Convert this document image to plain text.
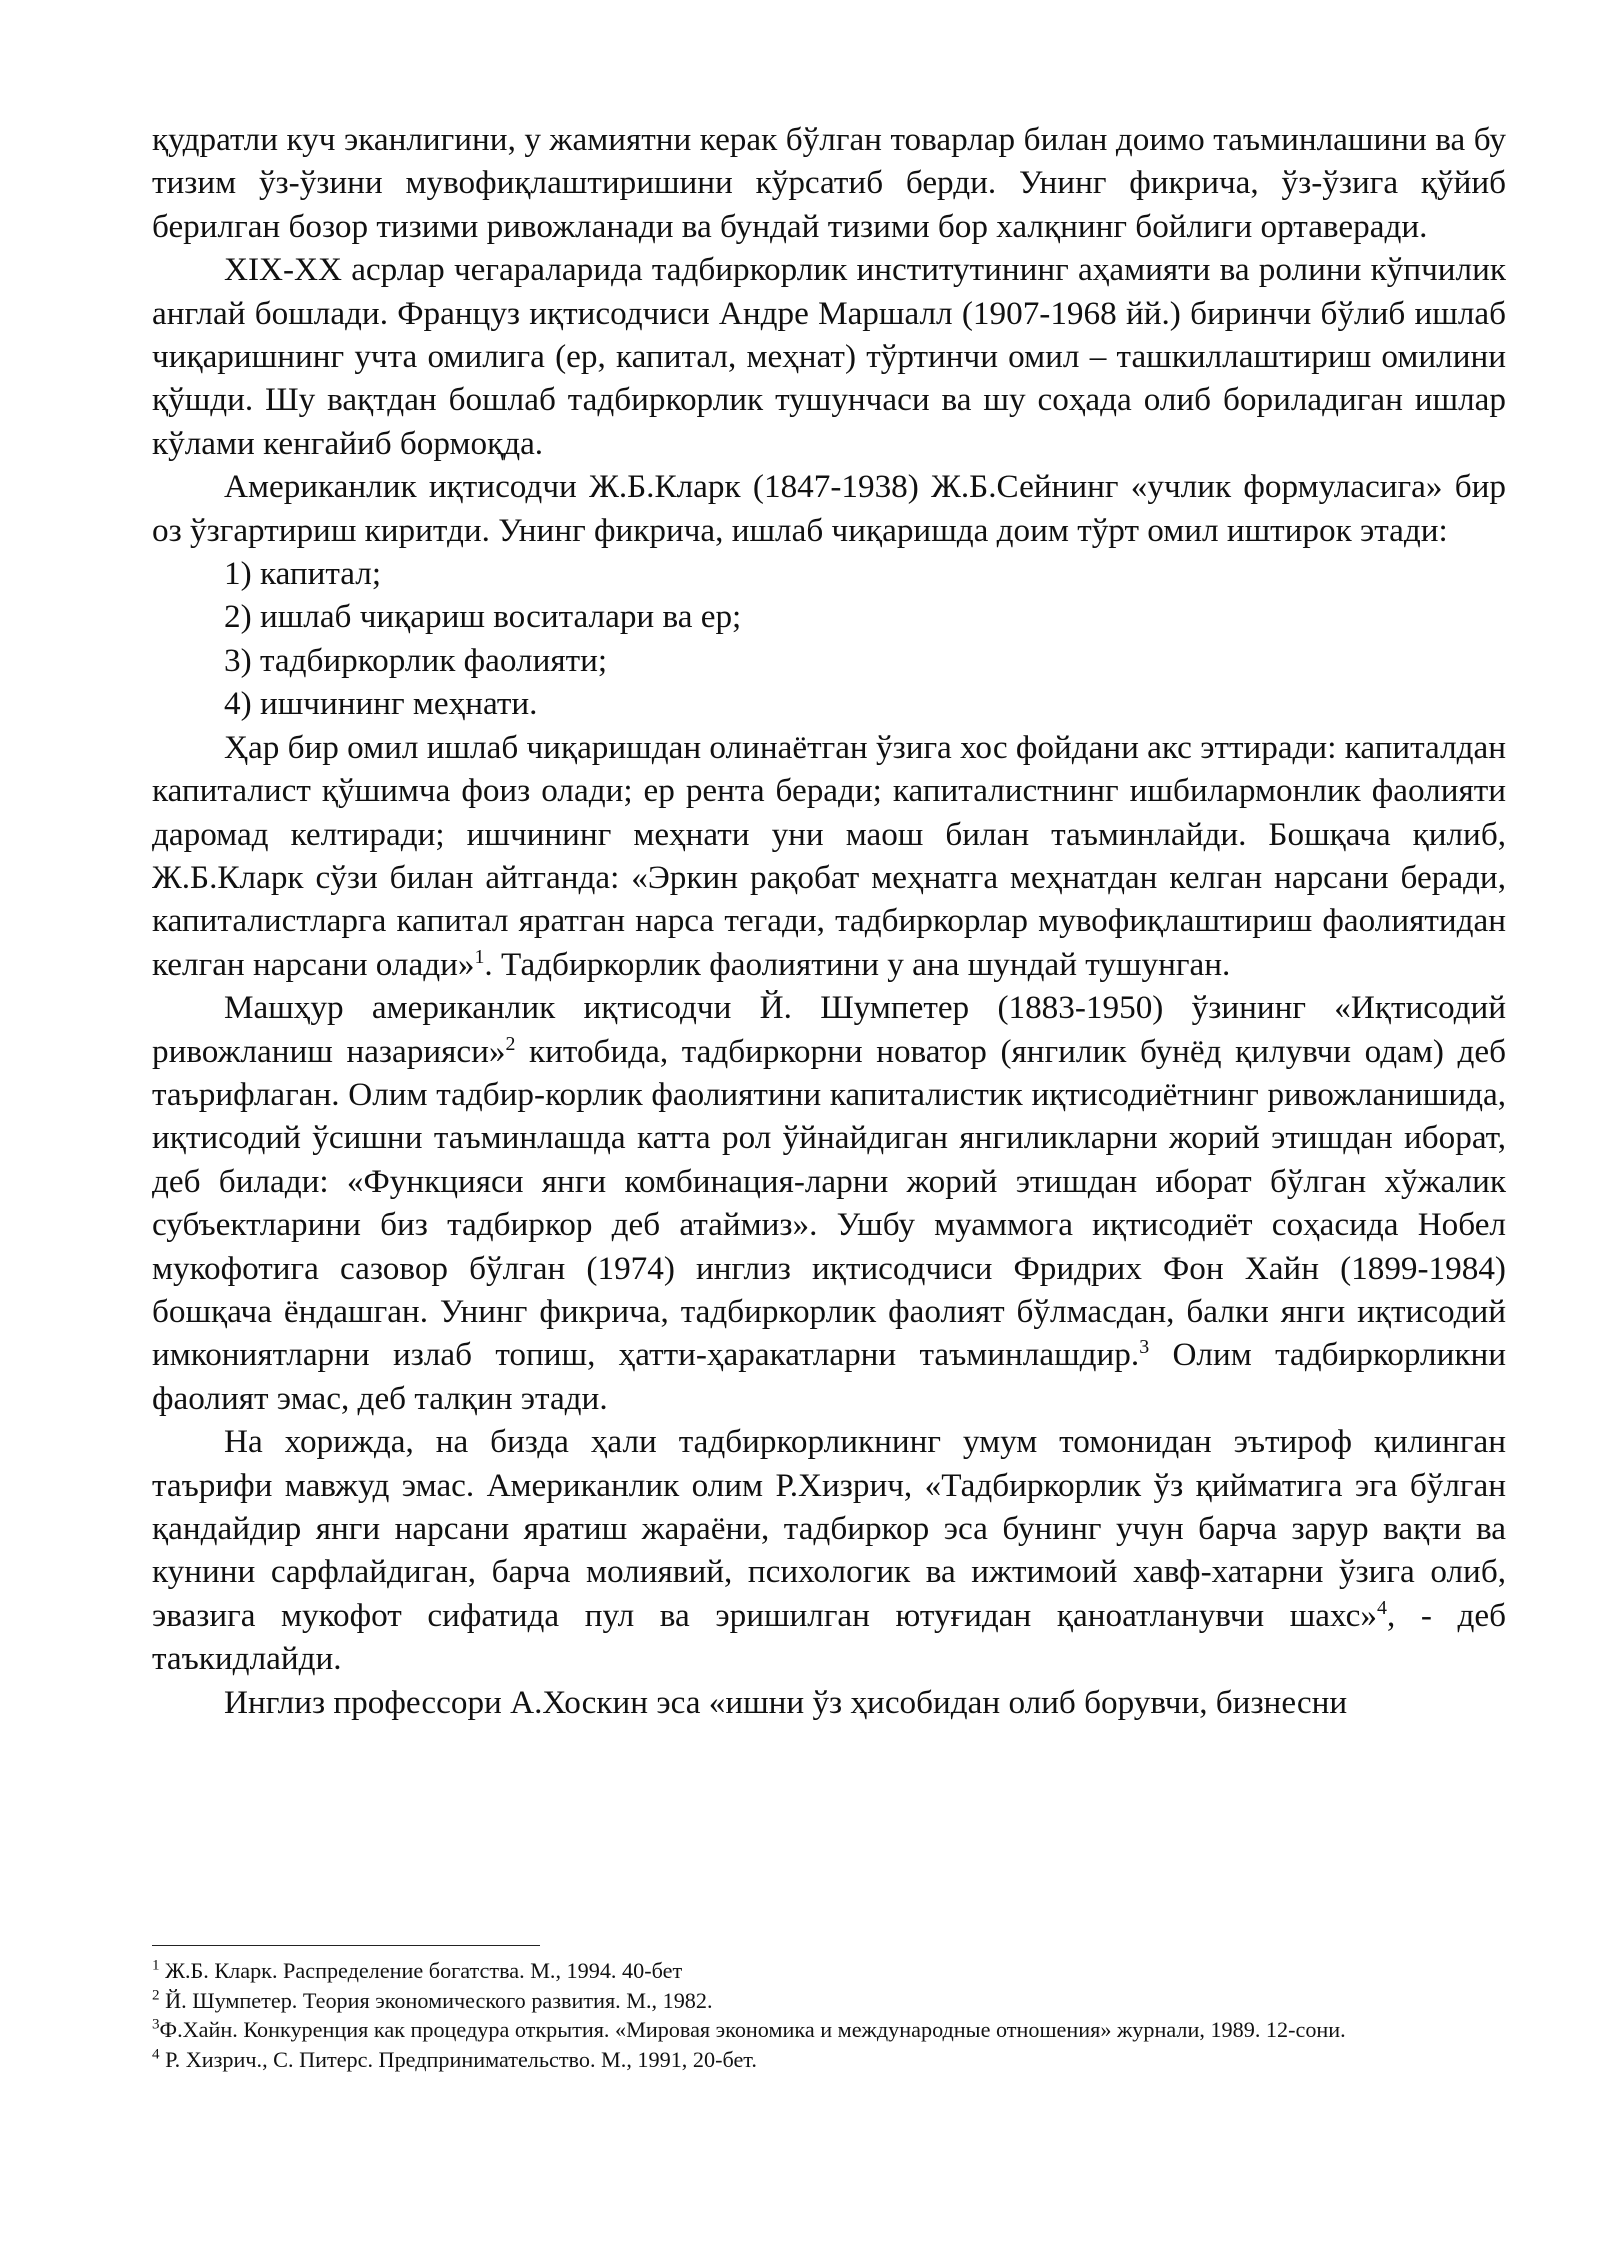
қудратли куч эканлигини, у жамиятни керак бўлган товарлар билан доимо таъминлашини ва бу тизим ўз-ўзини мувофиқлаштиришини кўрсатиб берди. Унинг фикрича, ўз-ўзига қўйиб берилган бозор тизими ривожланади ва бундай тизими бор халқнинг бойлиги ортаверади.

XIX-XX асрлар чегараларида тадбиркорлик институтининг аҳамияти ва ролини кўпчилик англай бошлади. Француз иқтисодчиси Андре Маршалл (1907-1968 йй.) биринчи бўлиб ишлаб чиқаришнинг учта омилига (ер, капитал, меҳнат) тўртинчи омил – ташкиллаштириш омилини қўшди. Шу вақтдан бошлаб тадбиркорлик тушунчаси ва шу соҳада олиб бориладиган ишлар кўлами кенгайиб бормоқда.

Американлик иқтисодчи Ж.Б.Кларк (1847-1938) Ж.Б.Сейнинг «учлик формуласига» бир оз ўзгартириш киритди. Унинг фикрича, ишлаб чиқаришда доим тўрт омил иштирок этади:

1) капитал;

2) ишлаб чиқариш воситалари ва ер;

3) тадбиркорлик фаолияти;

4) ишчининг меҳнати.

Ҳар бир омил ишлаб чиқаришдан олинаётган ўзига хос фойдани акс эттиради: капиталдан капиталист қўшимча фоиз олади; ер рента беради; капиталистнинг ишбилармонлик фаолияти даромад келтиради; ишчининг меҳнати уни маош билан таъминлайди. Бошқача қилиб, Ж.Б.Кларк сўзи билан айтганда: «Эркин рақобат меҳнатга меҳнатдан келган нарсани беради, капиталистларга капитал яратган нарса тегади, тадбиркорлар мувофиқлаштириш фаолиятидан келган нарсани олади»$^1$. Тадбиркорлик фаолиятини у ана шундай тушунган.

Машҳур американлик иқтисодчи Й. Шумпетер (1883-1950) ўзининг «Иқтисодий ривожланиш назарияси»$^2$ китобида, тадбиркорни новатор (янгилик бунёд қилувчи одам) деб таърифлаган. Олим тадбир-корлик фаолиятини капиталистик иқтисодиётнинг ривожланишида, иқтисодий ўсишни таъминлашда катта рол ўйнайдиган янгиликларни жорий этишдан иборат, деб билади: «Функцияси янги комбинация-ларни жорий этишдан иборат бўлган хўжалик субъектларини биз тадбиркор деб атаймиз». Ушбу муаммога иқтисодиёт соҳасида Нобел мукофотига сазовор бўлган (1974) инглиз иқтисодчиси Фридрих Фон Хайн (1899-1984) бошқача ёндашган. Унинг фикрича, тадбиркорлик фаолият бўлмасдан, балки янги иқтисодий имкониятларни излаб топиш, ҳатти-ҳаракатларни таъминлашдир.$^3$ Олим тадбиркорликни фаолият эмас, деб талқин этади.

На хорижда, на бизда ҳали тадбиркорликнинг умум томонидан эътироф қилинган таърифи мавжуд эмас. Американлик олим Р.Хизрич, «Тадбиркорлик ўз қийматига эга бўлган қандайдир янги нарсани яратиш жараёни, тадбиркор эса бунинг учун барча зарур вақти ва кунини сарфлайдиган, барча молиявий, психологик ва ижтимоий хавф-хатарни ўзига олиб, эвазига мукофот сифатида пул ва эришилган ютуғидан қаноатланувчи шахс»$^4$, - деб таъкидлайди.

Инглиз профессори А.Хоскин эса «ишни ўз ҳисобидан олиб борувчи, бизнесни

$^1$ Ж.Б. Кларк. Распределение богатства. М., 1994. 40-бет

$^2$ Й. Шумпетер. Теория экономического развития. М., 1982.

$^3$Ф.Хайн. Конкуренция как процедура открытия. «Мировая экономика и международные отношения» журнали, 1989. 12-сони.

$^4$ Р. Хизрич., С. Питерс. Предпринимательство. М., 1991, 20-бет.
